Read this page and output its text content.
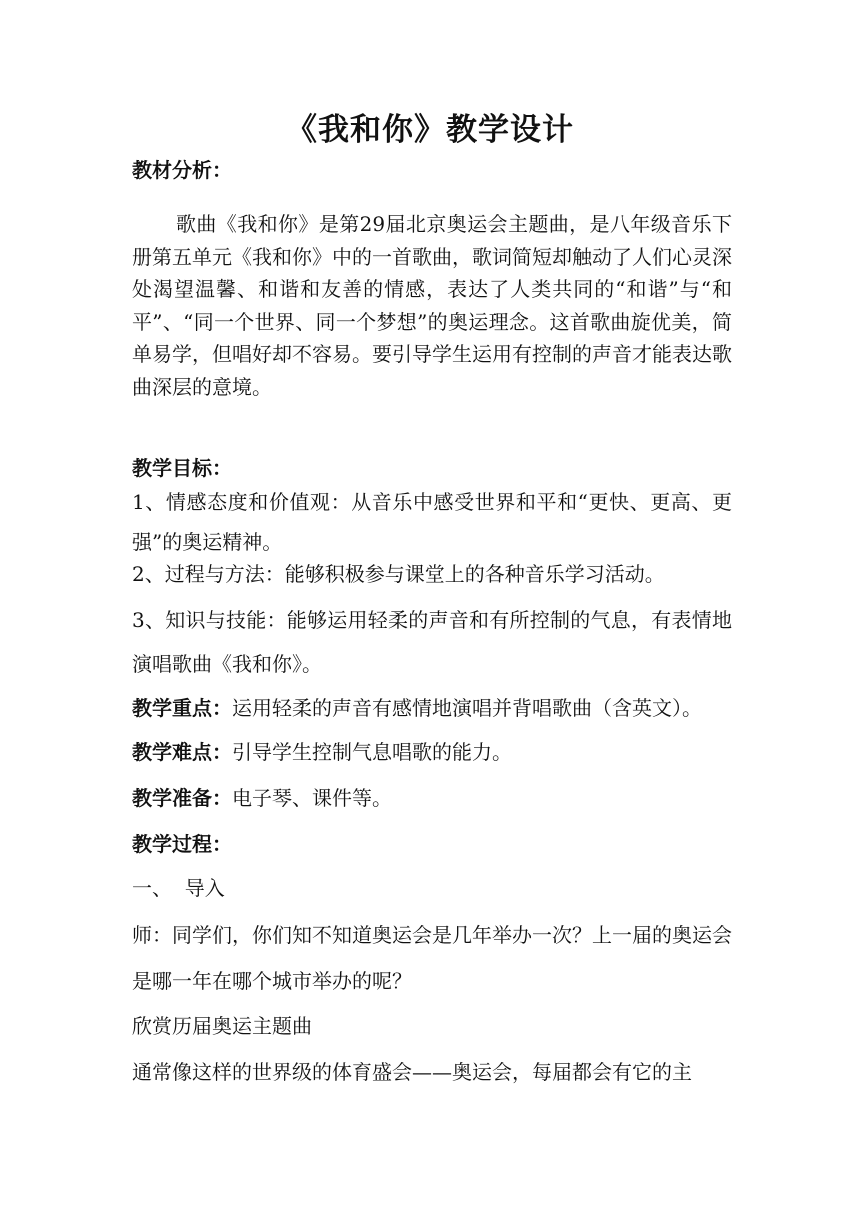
《我和你》教学设计
教材分析：
歌曲《我和你》是第29届北京奥运会主题曲，是八年级音乐下册第五单元《我和你》中的一首歌曲，歌词简短却触动了人们心灵深处渴望温馨、和谐和友善的情感，表达了人类共同的“和谐”与“和平”、“同一个世界、同一个梦想”的奥运理念。这首歌曲旋优美，简单易学，但唱好却不容易。要引导学生运用有控制的声音才能表达歌曲深层的意境。
教学目标：
1、情感态度和价值观：从音乐中感受世界和平和“更快、更高、更强”的奥运精神。
2、过程与方法：能够积极参与课堂上的各种音乐学习活动。
3、知识与技能：能够运用轻柔的声音和有所控制的气息，有表情地演唱歌曲《我和你》。
教学重点：运用轻柔的声音有感情地演唱并背唱歌曲（含英文）。
教学难点：引导学生控制气息唱歌的能力。
教学准备：电子琴、课件等。
教学过程：
一、  导入
师：同学们，你们知不知道奥运会是几年举办一次？上一届的奥运会是哪一年在哪个城市举办的呢？
欣赏历届奥运主题曲
通常像这样的世界级的体育盛会——奥运会，每届都会有它的主
